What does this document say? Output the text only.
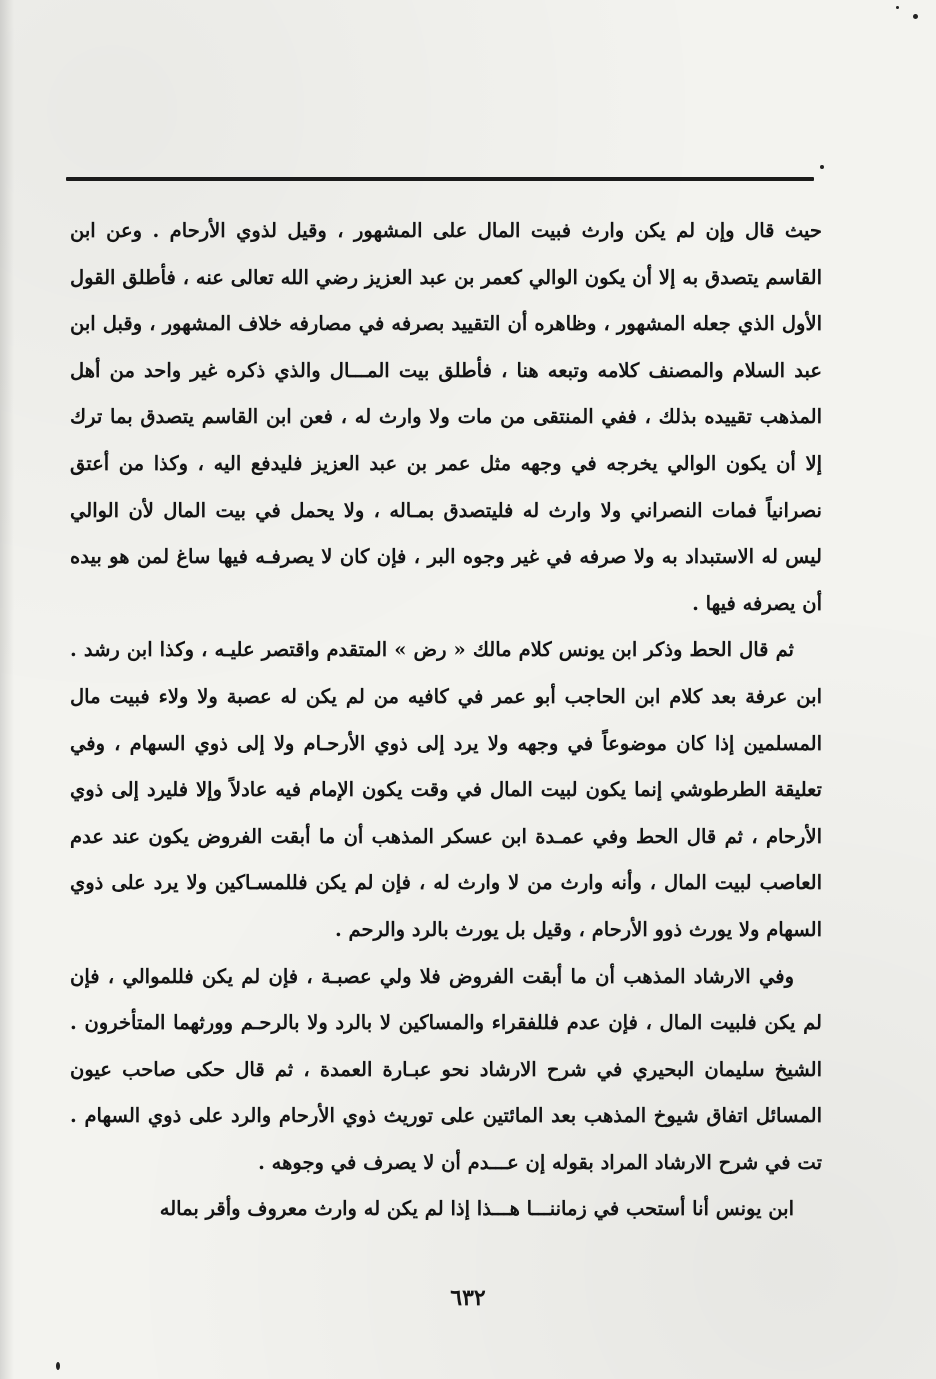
حيث قال وإن لم يكن وارث فبيت المال على المشهور ، وقيل لذوي الأرحام . وعن ابن القاسم يتصدق به إلا أن يكون الوالي كعمر بن عبد العزيز رضي الله تعالى عنه ، فأطلق القول الأول الذي جعله المشهور ، وظاهره أن التقييد بصرفه في مصارفه خلاف المشهور ، وقبل ابن عبد السلام والمصنف كلامه وتبعه هنا ، فأطلق بيت المـــال والذي ذكره غير واحد من أهل المذهب تقييده بذلك ، ففي المنتقى من مات ولا وارث له ، فعن ابن القاسم يتصدق بما ترك إلا أن يكون الوالي يخرجه في وجهه مثل عمر بن عبد العزيز فليدفع اليه ، وكذا من أعتق نصرانياً فمات النصراني ولا وارث له فليتصدق بمـاله ، ولا يحمل في بيت المال لأن الوالي ليس له الاستبداد به ولا صرفه في غير وجوه البر ، فإن كان لا يصرفـه فيها ساغ لمن هو بيده أن يصرفه فيها .

ثم قال الحط وذكر ابن يونس كلام مالك « رض » المتقدم واقتصر عليـه ، وكذا ابن رشد . ابن عرفة بعد كلام ابن الحاجب أبو عمر في كافيه من لم يكن له عصبة ولا ولاء فبيت مال المسلمين إذا كان موضوعاً في وجهه ولا يرد إلى ذوي الأرحـام ولا إلى ذوي السهام ، وفي تعليقة الطرطوشي إنما يكون لبيت المال في وقت يكون الإمام فيه عادلاً وإلا فليرد إلى ذوي الأرحام ، ثم قال الحط وفي عمـدة ابن عسكر المذهب أن ما أبقت الفروض يكون عند عدم العاصب لبيت المال ، وأنه وارث من لا وارث له ، فإن لم يكن فللمسـاكين ولا يرد على ذوي السهام ولا يورث ذوو الأرحام ، وقيل بل يورث بالرد والرحم .

وفي الارشاد المذهب أن ما أبقت الفروض فلا ولي عصبـة ، فإن لم يكن فللموالي ، فإن لم يكن فلبيت المال ، فإن عدم فللفقراء والمساكين لا بالرد ولا بالرحـم وورثهما المتأخرون . الشيخ سليمان البحيري في شرح الارشاد نحو عبـارة العمدة ، ثم قال حكى صاحب عيون المسائل اتفاق شيوخ المذهب بعد المائتين على توريث ذوي الأرحام والرد على ذوي السهام . تت في شرح الارشاد المراد بقوله إن عـــدم أن لا يصرف في وجوهه .

ابن يونس أنا أستحب في زماننـــا هـــذا إذا لم يكن له وارث معروف وأقر بماله

٦٣٢
